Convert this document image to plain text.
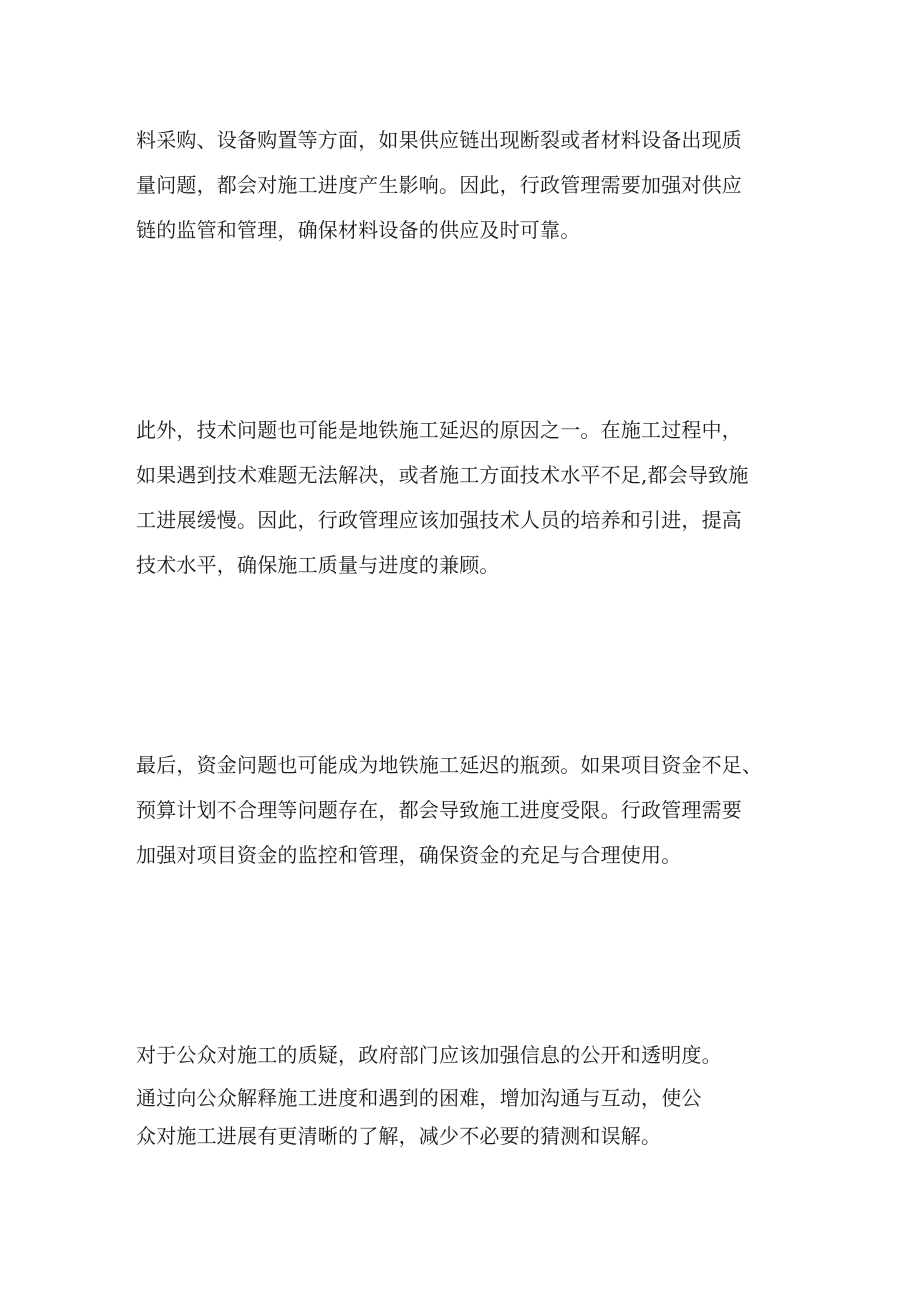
料采购、设备购置等方面，如果供应链出现断裂或者材料设备出现质
量问题，都会对施工进度产生影响。因此，行政管理需要加强对供应
链的监管和管理，确保材料设备的供应及时可靠。

此外，技术问题也可能是地铁施工延迟的原因之一。在施工过程中，
如果遇到技术难题无法解决，或者施工方面技术水平不足,都会导致施
工进展缓慢。因此，行政管理应该加强技术人员的培养和引进，提高
技术水平，确保施工质量与进度的兼顾。

最后，资金问题也可能成为地铁施工延迟的瓶颈。如果项目资金不足、
预算计划不合理等问题存在，都会导致施工进度受限。行政管理需要
加强对项目资金的监控和管理，确保资金的充足与合理使用。

对于公众对施工的质疑，政府部门应该加强信息的公开和透明度。

通过向公众解释施工进度和遇到的困难，增加沟通与互动，使公
众对施工进展有更清晰的了解，减少不必要的猜测和误解。
